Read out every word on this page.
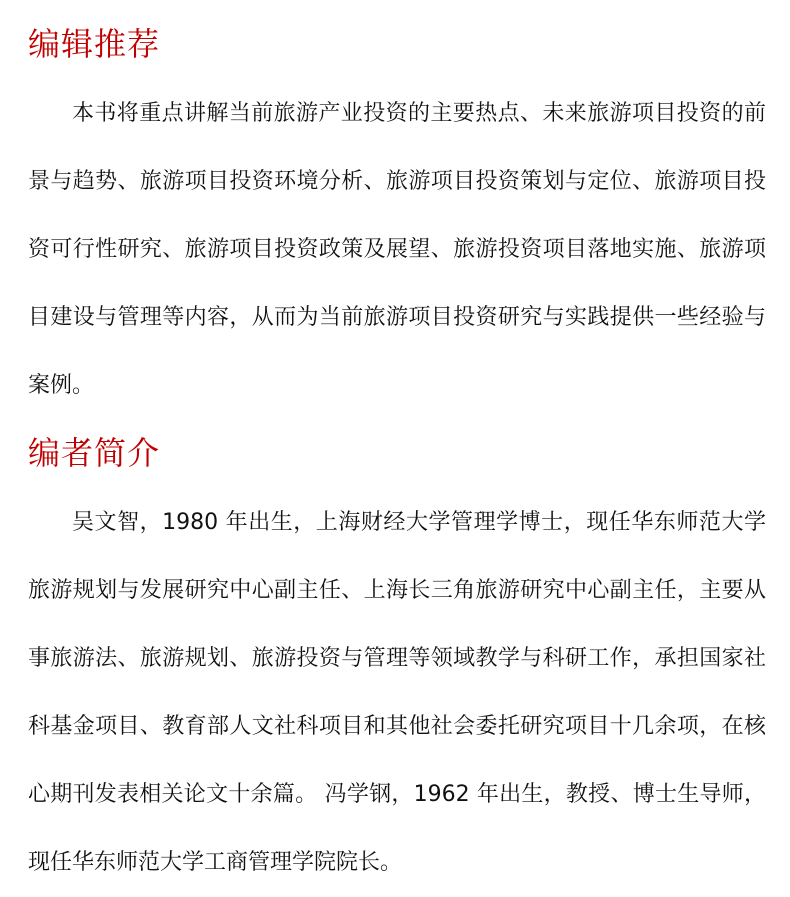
编辑推荐

本书将重点讲解当前旅游产业投资的主要热点、未来旅游项目投资的前景与趋势、旅游项目投资环境分析、旅游项目投资策划与定位、旅游项目投资可行性研究、旅游项目投资政策及展望、旅游投资项目落地实施、旅游项目建设与管理等内容，从而为当前旅游项目投资研究与实践提供一些经验与案例。

编者简介

吴文智，1980 年出生，上海财经大学管理学博士，现任华东师范大学旅游规划与发展研究中心副主任、上海长三角旅游研究中心副主任，主要从事旅游法、旅游规划、旅游投资与管理等领域教学与科研工作，承担国家社科基金项目、教育部人文社科项目和其他社会委托研究项目十几余项，在核心期刊发表相关论文十余篇。 冯学钢，1962 年出生，教授、博士生导师，现任华东师范大学工商管理学院院长。
